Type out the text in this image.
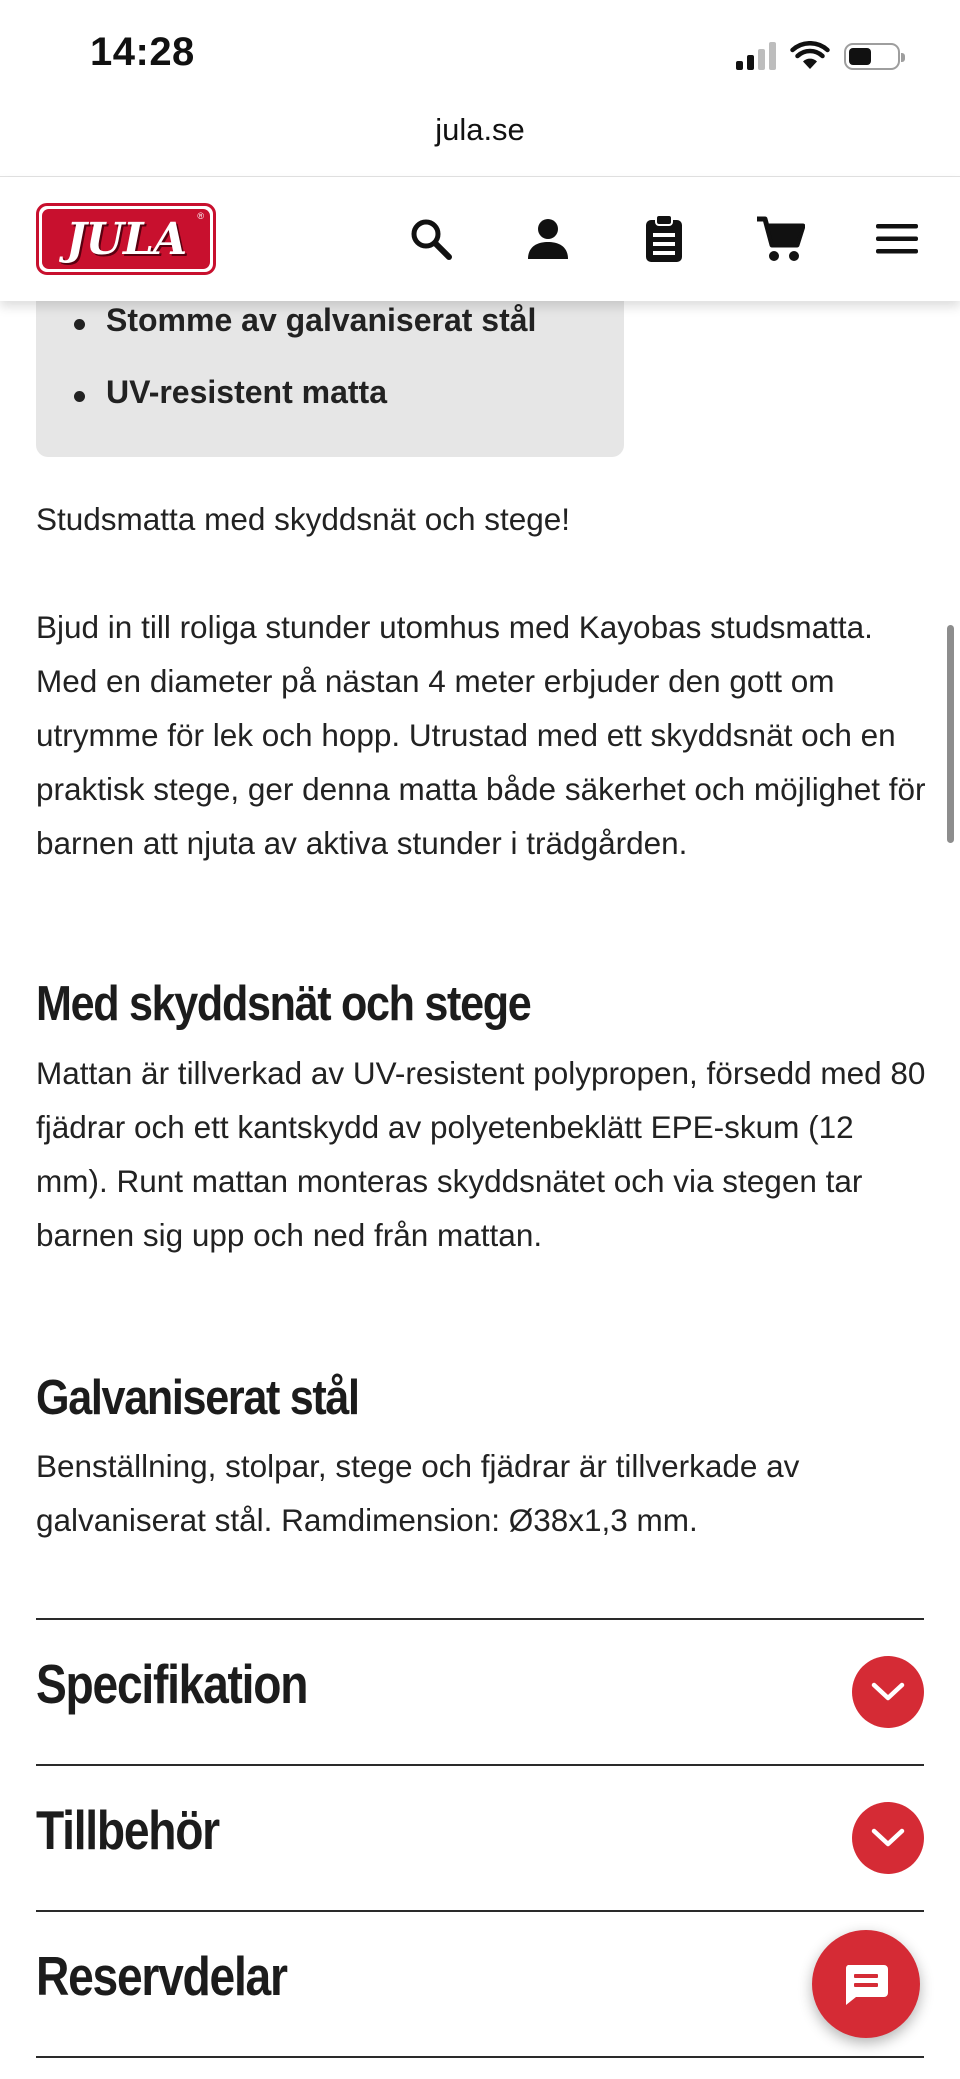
14:28
jula.se
JULA ®
Stomme av galvaniserat stål
UV-resistent matta
Studsmatta med skyddsnät och stege!
Bjud in till roliga stunder utomhus med Kayobas studsmatta. Med en diameter på nästan 4 meter erbjuder den gott om utrymme för lek och hopp. Utrustad med ett skyddsnät och en praktisk stege, ger denna matta både säkerhet och möjlighet för barnen att njuta av aktiva stunder i trädgården.
Med skyddsnät och stege
Mattan är tillverkad av UV-resistent polypropen, försedd med 80 fjädrar och ett kantskydd av polyetenbeklätt EPE-skum (12 mm). Runt mattan monteras skyddsnätet och via stegen tar barnen sig upp och ned från mattan.
Galvaniserat stål
Benställning, stolpar, stege och fjädrar är tillverkade av galvaniserat stål. Ramdimension: Ø38x1,3 mm.
Specifikation
Tillbehör
Reservdelar
